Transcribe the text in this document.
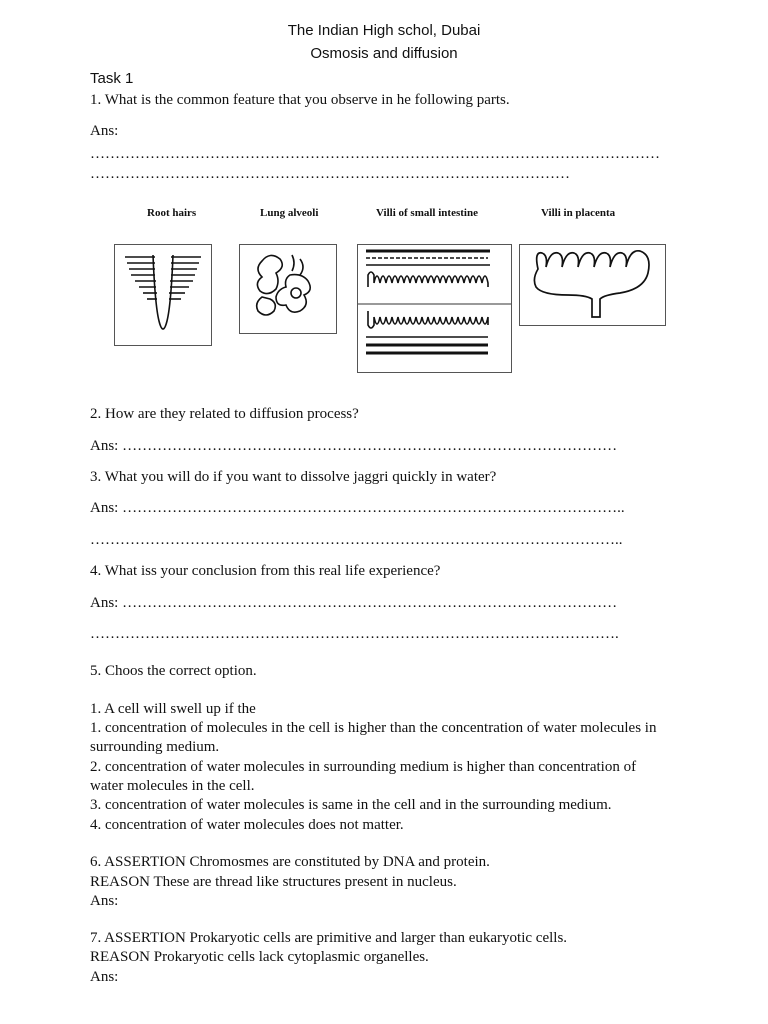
The Indian High schol, Dubai
Osmosis and diffusion
Task 1
1. What is the common feature that you observe in he following parts.
Ans:
……………………………………………………………………………………………………
……………………………………………………………………………………
Root hairs	Lung alveoli	Villi of small intestine	Villi in placenta
2. How are they related to diffusion process?
Ans: ………………………………………………………………………………………
3. What you will do if you want to dissolve jaggri quickly in water?
Ans: ………………………………………………………………………………………..
……………………………………………………………………………………………..
4. What iss your conclusion from this real life experience?
Ans: ………………………………………………………………………………………
…………………………………………………………………………………………….
5. Choos the correct option.
1. A cell will swell up if the
1. concentration of molecules in the cell is higher than the concentration of water molecules in
surrounding medium.
2. concentration of water molecules in surrounding medium is higher than concentration of
water molecules in the cell.
3. concentration of water molecules is same in the cell and in the surrounding medium.
4. concentration of water molecules does not matter.
6. ASSERTION Chromosmes are constituted by DNA and protein.
REASON These are thread like structures present in nucleus.
Ans:
7. ASSERTION Prokaryotic cells are primitive and larger than eukaryotic cells.
REASON Prokaryotic cells lack cytoplasmic organelles.
Ans:
